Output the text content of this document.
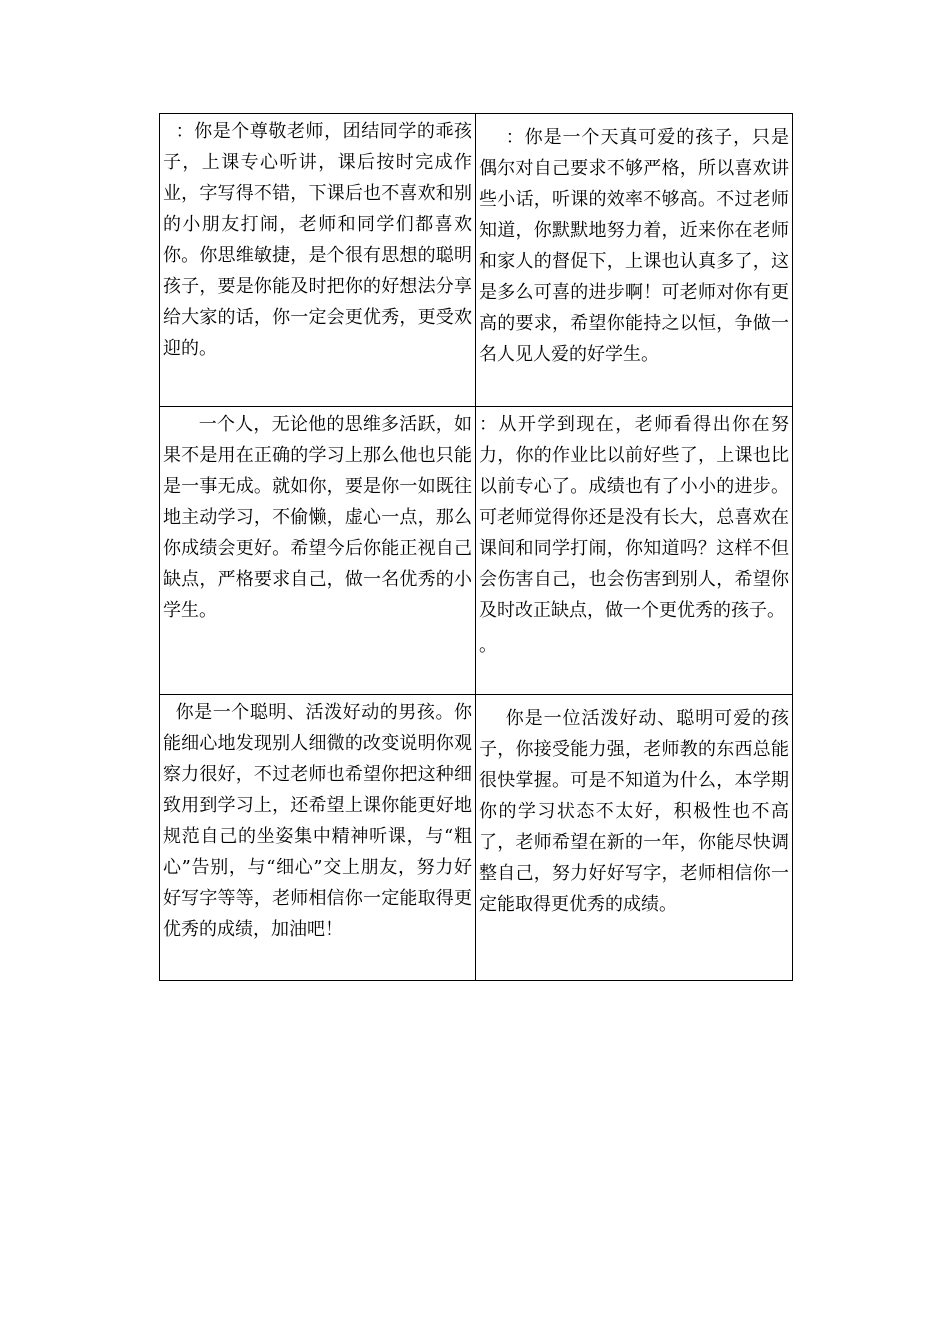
：你是个尊敬老师，团结同学的乖孩子，上课专心听讲，课后按时完成作业，字写得不错，下课后也不喜欢和别的小朋友打闹，老师和同学们都喜欢你。你思维敏捷，是个很有思想的聪明孩子，要是你能及时把你的好想法分享给大家的话，你一定会更优秀，更受欢迎的。	：你是一个天真可爱的孩子，只是偶尔对自己要求不够严格，所以喜欢讲些小话，听课的效率不够高。不过老师知道，你默默地努力着，近来你在老师和家人的督促下，上课也认真多了，这是多么可喜的进步啊！可老师对你有更高的要求，希望你能持之以恒，争做一名人见人爱的好学生。

一个人，无论他的思维多活跃，如果不是用在正确的学习上那么他也只能是一事无成。就如你，要是你一如既往地主动学习，不偷懒，虚心一点，那么你成绩会更好。希望今后你能正视自己缺点，严格要求自己，做一名优秀的小学生。	：从开学到现在，老师看得出你在努力，你的作业比以前好些了，上课也比以前专心了。成绩也有了小小的进步。可老师觉得你还是没有长大，总喜欢在课间和同学打闹，你知道吗？这样不但会伤害自己，也会伤害到别人，希望你及时改正缺点，做一个更优秀的孩子。
。

你是一个聪明、活泼好动的男孩。你能细心地发现别人细微的改变说明你观察力很好，不过老师也希望你把这种细致用到学习上，还希望上课你能更好地规范自己的坐姿集中精神听课，与“粗心”告别，与“细心”交上朋友，努力好好写字等等，老师相信你一定能取得更优秀的成绩，加油吧！	你是一位活泼好动、聪明可爱的孩子，你接受能力强，老师教的东西总能很快掌握。可是不知道为什么，本学期你的学习状态不太好，积极性也不高了，老师希望在新的一年，你能尽快调整自己，努力好好写字，老师相信你一定能取得更优秀的成绩。
